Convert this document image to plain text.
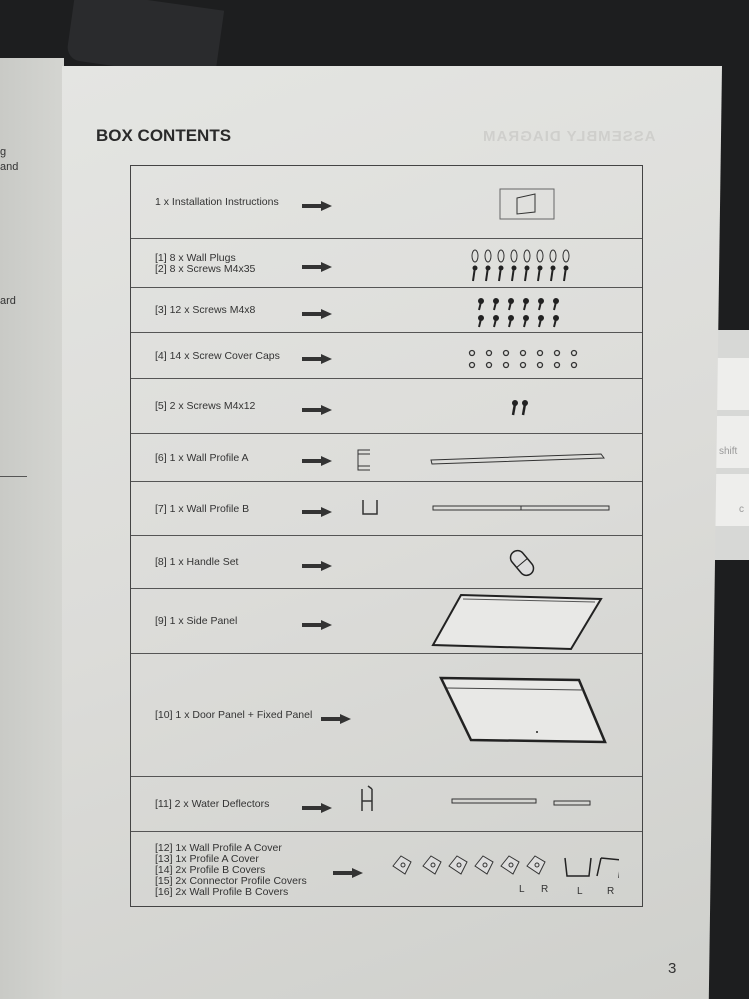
g
and
ard
shift
c
BOX CONTENTS	ASSEMBLY DIAGRAM
1 x Installation Instructions
[1] 8 x Wall Plugs
[2] 8 x Screws M4x35
[3] 12 x Screws M4x8
[4] 14 x Screw Cover Caps
[5] 2 x Screws M4x12
[6] 1 x Wall Profile A
[7] 1 x Wall Profile B
[8] 1 x Handle Set
[9] 1 x Side Panel
[10] 1 x Door Panel + Fixed Panel
[11] 2 x Water Deflectors
[12] 1x Wall Profile A Cover
[13] 1x Profile A Cover
[14] 2x Profile B Covers
[15] 2x Connector Profile Covers
[16] 2x Wall Profile B Covers	L R	L R
3
